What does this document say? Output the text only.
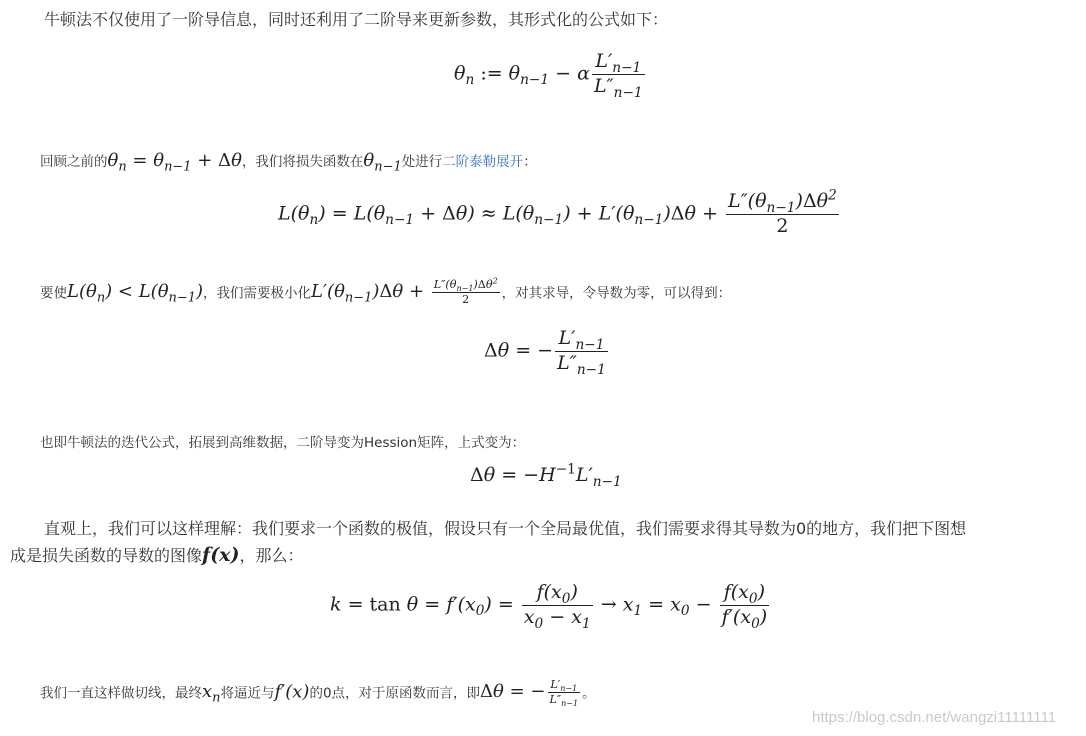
牛顿法不仅使用了一阶导信息，同时还利用了二阶导来更新参数，其形式化的公式如下：
$\theta_n$ := $\theta_{n-1} - \alpha \frac{L'_{n-1}}{L''_{n-1}}$
回顾之前的$\theta_n = \theta_{n-1} + \Delta\theta$，我们将损失函数在$\theta_{n-1}$处进行二阶泰勒展开：
$L(\theta_n) = L(\theta_{n-1} + \Delta\theta) \approx L(\theta_{n-1}) + L'(\theta_{n-1})\Delta\theta + \frac{L''(\theta_{n-1})\Delta\theta^2}{2}$
要使$L(\theta_n) < L(\theta_{n-1})$，我们需要极小化$L'(\theta_{n-1})\Delta\theta + \frac{L''(\theta_{n-1})\Delta\theta^2}{2}$ ，对其求导，令导数为零，可以得到：
Δθ = − $\frac{L'_{n-1}}{L''_{n-1}}$
也即牛顿法的迭代公式，拓展到高维数据，二阶导变为Hession矩阵，上式变为：
$\Delta\theta = -H^{-1}L'_{n-1}$
直观上，我们可以这样理解：我们要求一个函数的极值，假设只有一个全局最优值，我们需要求得其导数为0的地方，我们把下图想
成是损失函数的导数的图像f(x)，那么：
$k = \tan \theta = f'(x_0) = \frac{f(x_0)}{x_0 - x_1} \to x_1 = x_0 - \frac{f(x_0)}{f'(x_0)}$
我们一直这样做切线，最终$x_n$将逼近与f′(x)的0点，对于原函数而言，即Δθ = − $\frac{L'_{n-1}}{L''_{n-1}}$ 。
https://blog.csdn.net/wangzi11111111
